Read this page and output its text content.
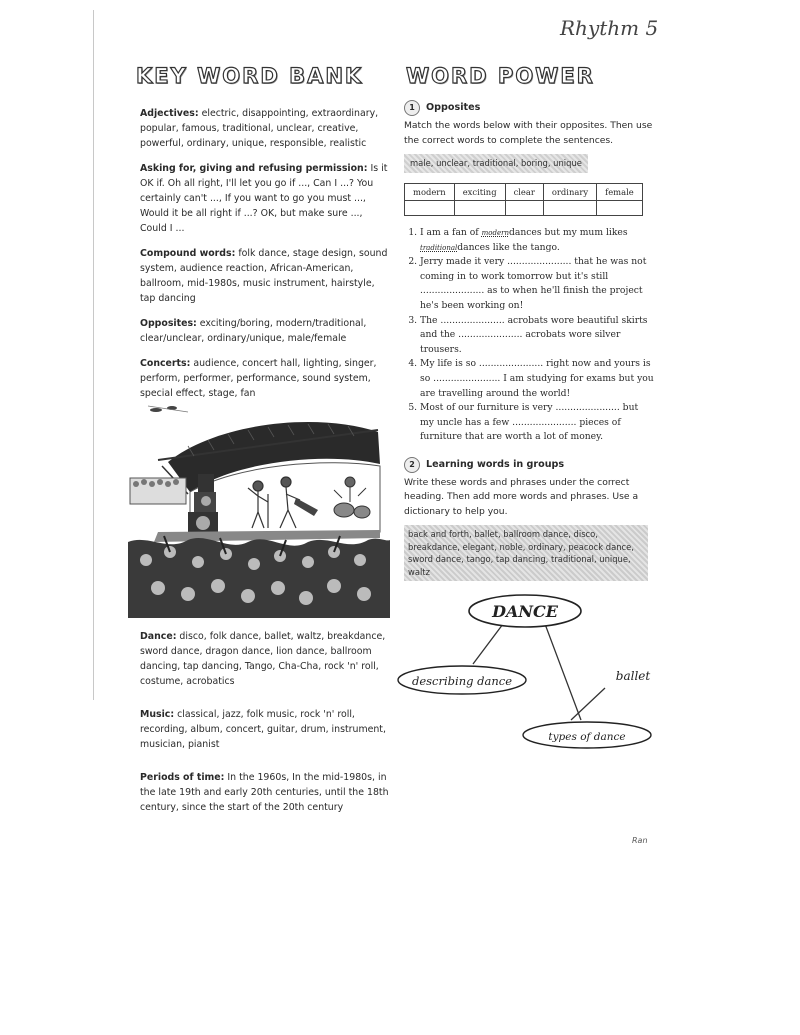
Rhythm 5
KEY WORD BANK
Adjectives: electric, disappointing, extraordinary, popular, famous, traditional, unclear, creative, powerful, ordinary, unique, responsible, realistic
Asking for, giving and refusing permission: Is it OK if. Oh all right, I'll let you go if ..., Can I ...? You certainly can't ..., If you want to go you must ..., Would it be all right if ...? OK, but make sure ..., Could I ...
Compound words: folk dance, stage design, sound system, audience reaction, African-American, ballroom, mid-1980s, music instrument, hairstyle, tap dancing
Opposites: exciting/boring, modern/traditional, clear/unclear, ordinary/unique, male/female
Concerts: audience, concert hall, lighting, singer, perform, performer, performance, sound system, special effect, stage, fan
Dance: disco, folk dance, ballet, waltz, breakdance, sword dance, dragon dance, lion dance, ballroom dancing, tap dancing, Tango, Cha-Cha, rock 'n' roll, costume, acrobatics
Music: classical, jazz, folk music, rock 'n' roll, recording, album, concert, guitar, drum, instrument, musician, pianist
Periods of time: In the 1960s, In the mid-1980s, in the late 19th and early 20th centuries, until the 18th century, since the start of the 20th century
WORD POWER
1	Opposites
Match the words below with their opposites. Then use the correct words to complete the sentences.
male, unclear, traditional, boring, unique
modern	exciting	clear	ordinary	female

1. I am a fan of moderndances but my mum likes traditionaldances like the tango.
2. Jerry made it very ...................... that he was not coming in to work tomorrow but it's still ...................... as to when he'll finish the project he's been working on!
3. The ...................... acrobats wore beautiful skirts and the ...................... acrobats wore silver trousers.
4. My life is so ...................... right now and yours is so ....................... I am studying for exams but you are travelling around the world!
5. Most of our furniture is very ...................... but my uncle has a few ...................... pieces of furniture that are worth a lot of money.
2	Learning words in groups
Write these words and phrases under the correct heading. Then add more words and phrases. Use a dictionary to help you.
back and forth, ballet, ballroom dance, disco, breakdance, elegant, noble, ordinary, peacock dance, sword dance, tango, tap dancing, traditional, unique, waltz
DANCE
describing dance
types of dance
ballet
Ran
